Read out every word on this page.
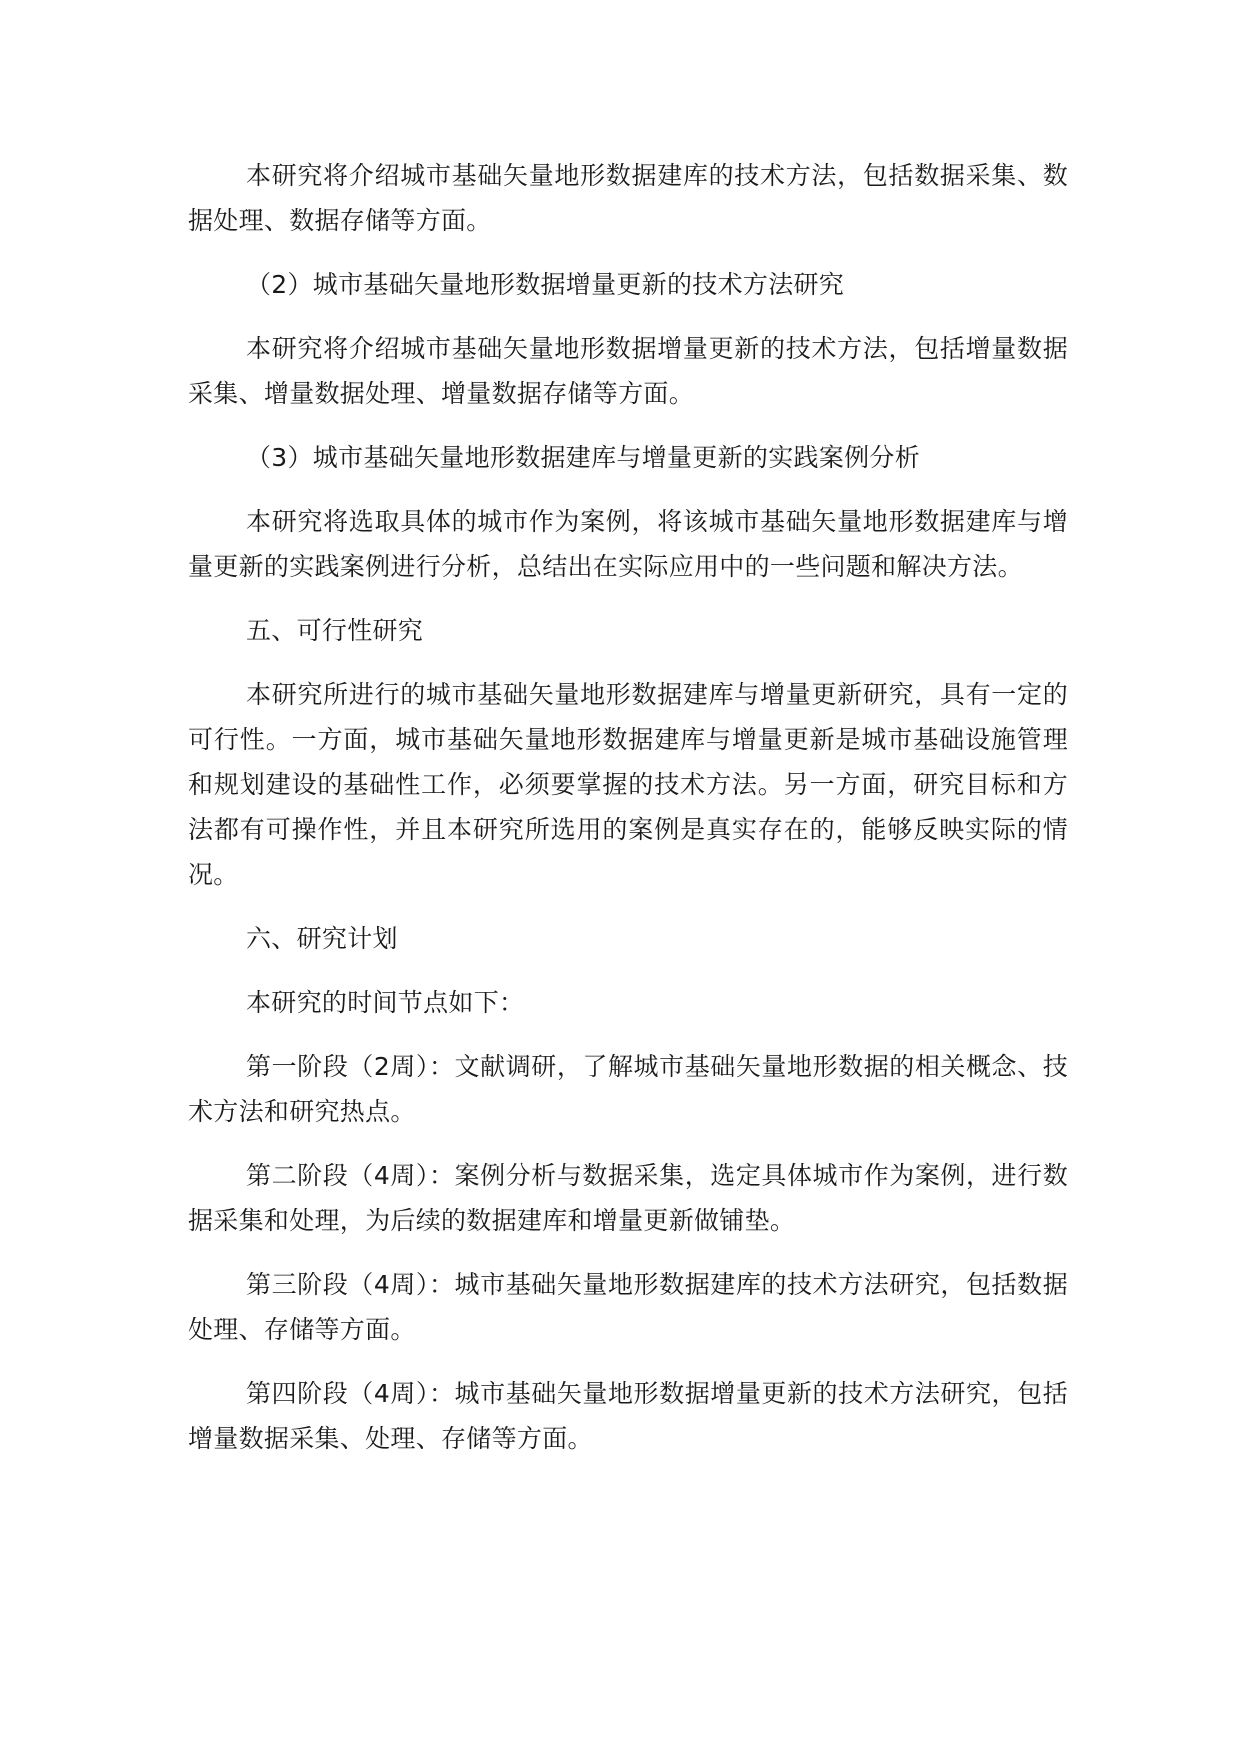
本研究将介绍城市基础矢量地形数据建库的技术方法，包括数据采集、数据处理、数据存储等方面。

（2）城市基础矢量地形数据增量更新的技术方法研究

本研究将介绍城市基础矢量地形数据增量更新的技术方法，包括增量数据采集、增量数据处理、增量数据存储等方面。

（3）城市基础矢量地形数据建库与增量更新的实践案例分析

本研究将选取具体的城市作为案例，将该城市基础矢量地形数据建库与增量更新的实践案例进行分析，总结出在实际应用中的一些问题和解决方法。

五、可行性研究

本研究所进行的城市基础矢量地形数据建库与增量更新研究，具有一定的可行性。一方面，城市基础矢量地形数据建库与增量更新是城市基础设施管理和规划建设的基础性工作，必须要掌握的技术方法。另一方面，研究目标和方法都有可操作性，并且本研究所选用的案例是真实存在的，能够反映实际的情况。

六、研究计划

本研究的时间节点如下：

第一阶段（2周）：文献调研，了解城市基础矢量地形数据的相关概念、技术方法和研究热点。

第二阶段（4周）：案例分析与数据采集，选定具体城市作为案例，进行数据采集和处理，为后续的数据建库和增量更新做铺垫。

第三阶段（4周）：城市基础矢量地形数据建库的技术方法研究，包括数据处理、存储等方面。

第四阶段（4周）：城市基础矢量地形数据增量更新的技术方法研究，包括增量数据采集、处理、存储等方面。
